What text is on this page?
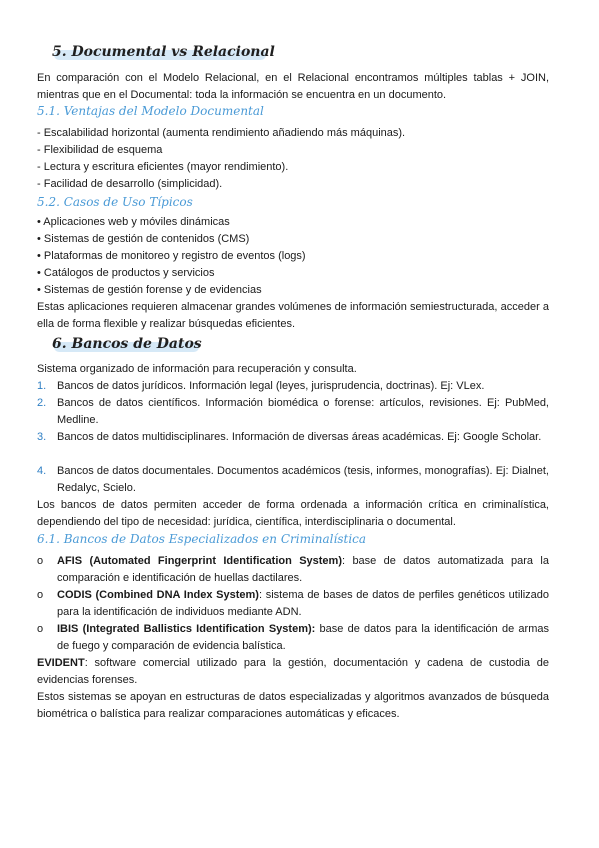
5. Documental vs Relacional
En comparación con el Modelo Relacional, en el Relacional encontramos múltiples tablas + JOIN, mientras que en el Documental: toda la información se encuentra en un documento.
5.1. Ventajas del Modelo Documental
- Escalabilidad horizontal (aumenta rendimiento añadiendo más máquinas).
- Flexibilidad de esquema
- Lectura y escritura eficientes (mayor rendimiento).
- Facilidad de desarrollo (simplicidad).
5.2. Casos de Uso Típicos
• Aplicaciones web y móviles dinámicas
• Sistemas de gestión de contenidos (CMS)
• Plataformas de monitoreo y registro de eventos (logs)
• Catálogos de productos y servicios
• Sistemas de gestión forense y de evidencias
Estas aplicaciones requieren almacenar grandes volúmenes de información semiestructurada, acceder a ella de forma flexible y realizar búsquedas eficientes.
6. Bancos de Datos
Sistema organizado de información para recuperación y consulta.
1. Bancos de datos jurídicos. Información legal (leyes, jurisprudencia, doctrinas). Ej: VLex.
2. Bancos de datos científicos. Información biomédica o forense: artículos, revisiones. Ej: PubMed, Medline.
3. Bancos de datos multidisciplinares. Información de diversas áreas académicas. Ej: Google Scholar.
4. Bancos de datos documentales. Documentos académicos (tesis, informes, monografías). Ej: Dialnet, Redalyc, Scielo.
Los bancos de datos permiten acceder de forma ordenada a información crítica en criminalística, dependiendo del tipo de necesidad: jurídica, científica, interdisciplinaria o documental.
6.1. Bancos de Datos Especializados en Criminalística
o AFIS (Automated Fingerprint Identification System): base de datos automatizada para la comparación e identificación de huellas dactilares.
o CODIS (Combined DNA Index System): sistema de bases de datos de perfiles genéticos utilizado para la identificación de individuos mediante ADN.
o IBIS (Integrated Ballistics Identification System): base de datos para la identificación de armas de fuego y comparación de evidencia balística.
EVIDENT: software comercial utilizado para la gestión, documentación y cadena de custodia de evidencias forenses.
Estos sistemas se apoyan en estructuras de datos especializadas y algoritmos avanzados de búsqueda biométrica o balística para realizar comparaciones automáticas y eficaces.
